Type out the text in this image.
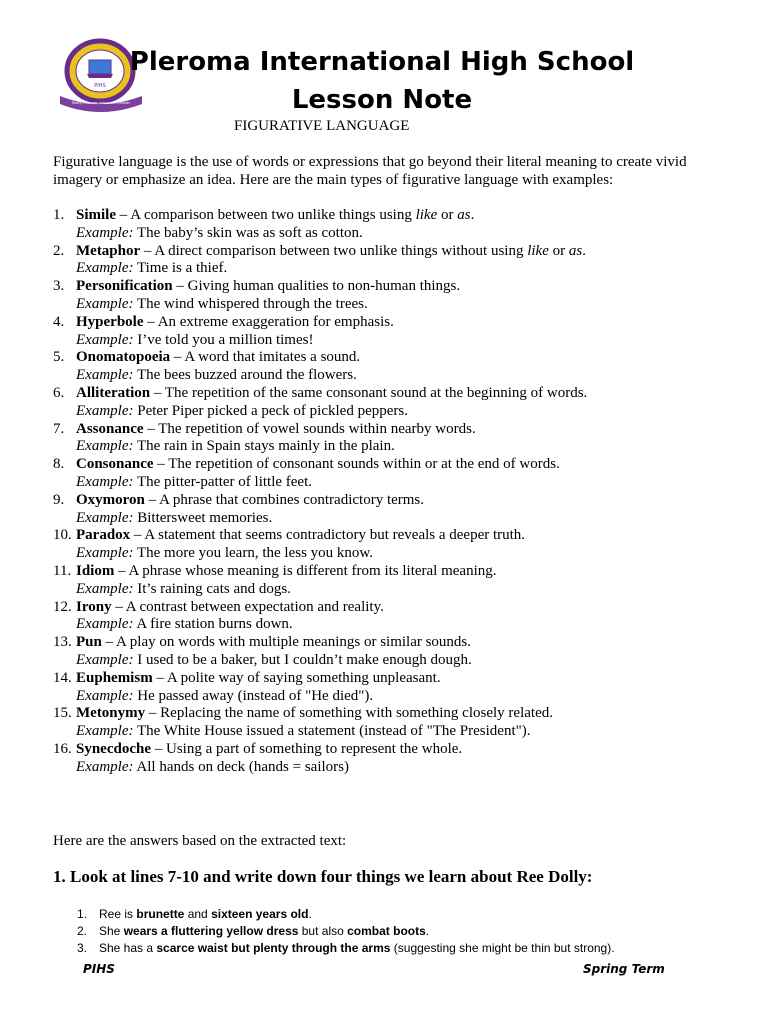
PIHS
Today's learner, tomorrow's leader
Pleroma International High School
Lesson Note
FIGURATIVE LANGUAGE
Figurative language is the use of words or expressions that go beyond their literal meaning to create vivid imagery or emphasize an idea. Here are the main types of figurative language with examples:
1. Simile – A comparison between two unlike things using like or as.
Example: The baby’s skin was as soft as cotton.
2. Metaphor – A direct comparison between two unlike things without using like or as.
Example: Time is a thief.
3. Personification – Giving human qualities to non-human things.
Example: The wind whispered through the trees.
4. Hyperbole – An extreme exaggeration for emphasis.
Example: I’ve told you a million times!
5. Onomatopoeia – A word that imitates a sound.
Example: The bees buzzed around the flowers.
6. Alliteration – The repetition of the same consonant sound at the beginning of words.
Example: Peter Piper picked a peck of pickled peppers.
7. Assonance – The repetition of vowel sounds within nearby words.
Example: The rain in Spain stays mainly in the plain.
8. Consonance – The repetition of consonant sounds within or at the end of words.
Example: The pitter-patter of little feet.
9. Oxymoron – A phrase that combines contradictory terms.
Example: Bittersweet memories.
10. Paradox – A statement that seems contradictory but reveals a deeper truth.
Example: The more you learn, the less you know.
11. Idiom – A phrase whose meaning is different from its literal meaning.
Example: It’s raining cats and dogs.
12. Irony – A contrast between expectation and reality.
Example: A fire station burns down.
13. Pun – A play on words with multiple meanings or similar sounds.
Example: I used to be a baker, but I couldn’t make enough dough.
14. Euphemism – A polite way of saying something unpleasant.
Example: He passed away (instead of "He died").
15. Metonymy – Replacing the name of something with something closely related.
Example: The White House issued a statement (instead of "The President").
16. Synecdoche – Using a part of something to represent the whole.
Example: All hands on deck (hands = sailors)
Here are the answers based on the extracted text:
1. Look at lines 7-10 and write down four things we learn about Ree Dolly:
1. Ree is brunette and sixteen years old.
2. She wears a fluttering yellow dress but also combat boots.
3. She has a scarce waist but plenty through the arms (suggesting she might be thin but strong).
PIHS	Spring Term
